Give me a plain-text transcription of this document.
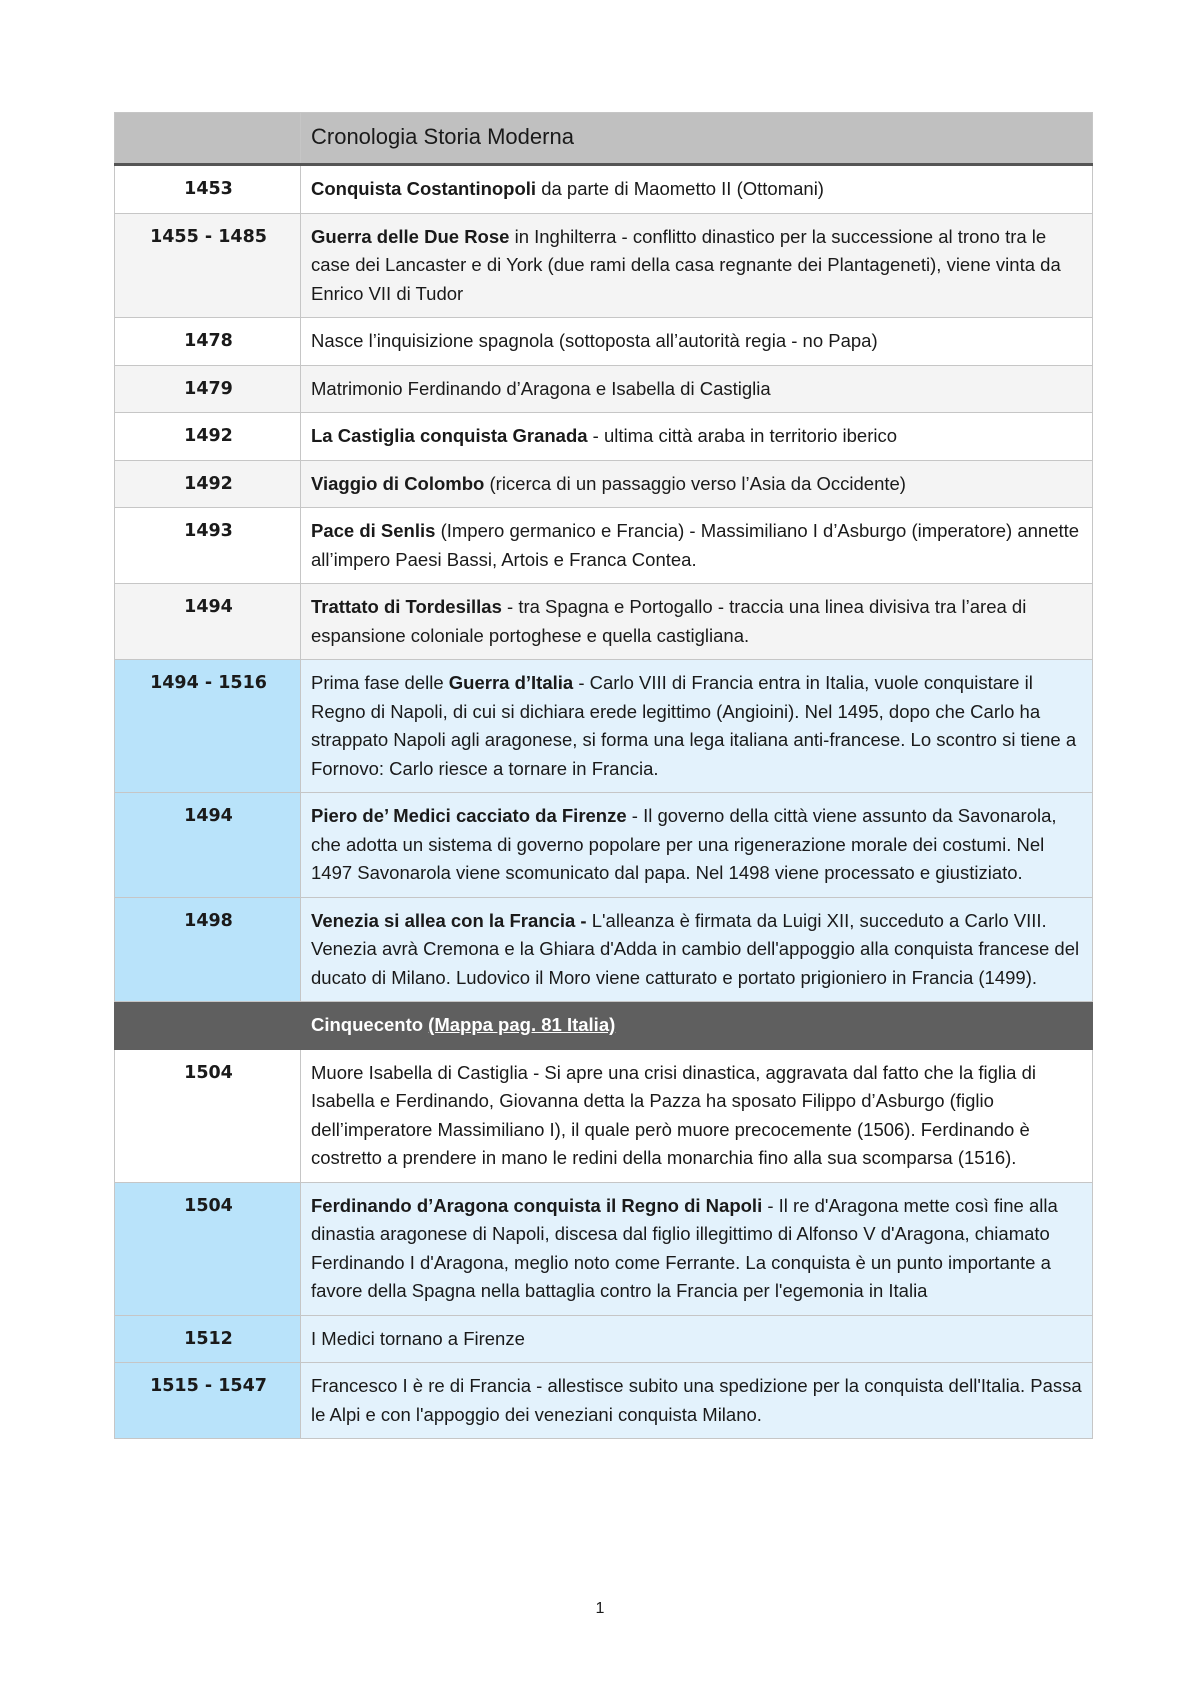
	Cronologia Storia Moderna
1453	Conquista Costantinopoli da parte di Maometto II (Ottomani)
1455 - 1485	Guerra delle Due Rose in Inghilterra - conflitto dinastico per la successione al trono tra le case dei Lancaster e di York (due rami della casa regnante dei Plantageneti), viene vinta da Enrico VII di Tudor
1478	Nasce l’inquisizione spagnola (sottoposta all’autorità regia - no Papa)
1479	Matrimonio Ferdinando d’Aragona e Isabella di Castiglia
1492	La Castiglia conquista Granada - ultima città araba in territorio iberico
1492	Viaggio di Colombo (ricerca di un passaggio verso l’Asia da Occidente)
1493	Pace di Senlis (Impero germanico e Francia) - Massimiliano I d’Asburgo (imperatore) annette all’impero Paesi Bassi, Artois e Franca Contea.
1494	Trattato di Tordesillas - tra Spagna e Portogallo - traccia una linea divisiva tra l’area di espansione coloniale portoghese e quella castigliana.
1494 - 1516	Prima fase delle Guerra d’Italia - Carlo VIII di Francia entra in Italia, vuole conquistare il Regno di Napoli, di cui si dichiara erede legittimo (Angioini). Nel 1495, dopo che Carlo ha strappato Napoli agli aragonese, si forma una lega italiana anti-francese. Lo scontro si tiene a Fornovo: Carlo riesce a tornare in Francia.
1494	Piero de’ Medici cacciato da Firenze - Il governo della città viene assunto da Savonarola, che adotta un sistema di governo popolare per una rigenerazione morale dei costumi. Nel 1497 Savonarola viene scomunicato dal papa. Nel 1498 viene processato e giustiziato.
1498	Venezia si allea con la Francia - L'alleanza è firmata da Luigi XII, succeduto a Carlo VIII. Venezia avrà Cremona e la Ghiara d'Adda in cambio dell'appoggio alla conquista francese del ducato di Milano. Ludovico il Moro viene catturato e portato prigioniero in Francia (1499).
	Cinquecento (Mappa pag. 81 Italia)
1504	Muore Isabella di Castiglia - Si apre una crisi dinastica, aggravata dal fatto che la figlia di Isabella e Ferdinando, Giovanna detta la Pazza ha sposato Filippo d’Asburgo (figlio dell’imperatore Massimiliano I), il quale però muore precocemente (1506). Ferdinando è costretto a prendere in mano le redini della monarchia fino alla sua scomparsa (1516).
1504	Ferdinando d’Aragona conquista il Regno di Napoli - Il re d'Aragona mette così fine alla dinastia aragonese di Napoli, discesa dal figlio illegittimo di Alfonso V d'Aragona, chiamato Ferdinando I d'Aragona, meglio noto come Ferrante. La conquista è un punto importante a favore della Spagna nella battaglia contro la Francia per l'egemonia in Italia
1512	I Medici tornano a Firenze
1515 - 1547	Francesco I è re di Francia - allestisce subito una spedizione per la conquista dell'Italia. Passa le Alpi e con l'appoggio dei veneziani conquista Milano.
1
